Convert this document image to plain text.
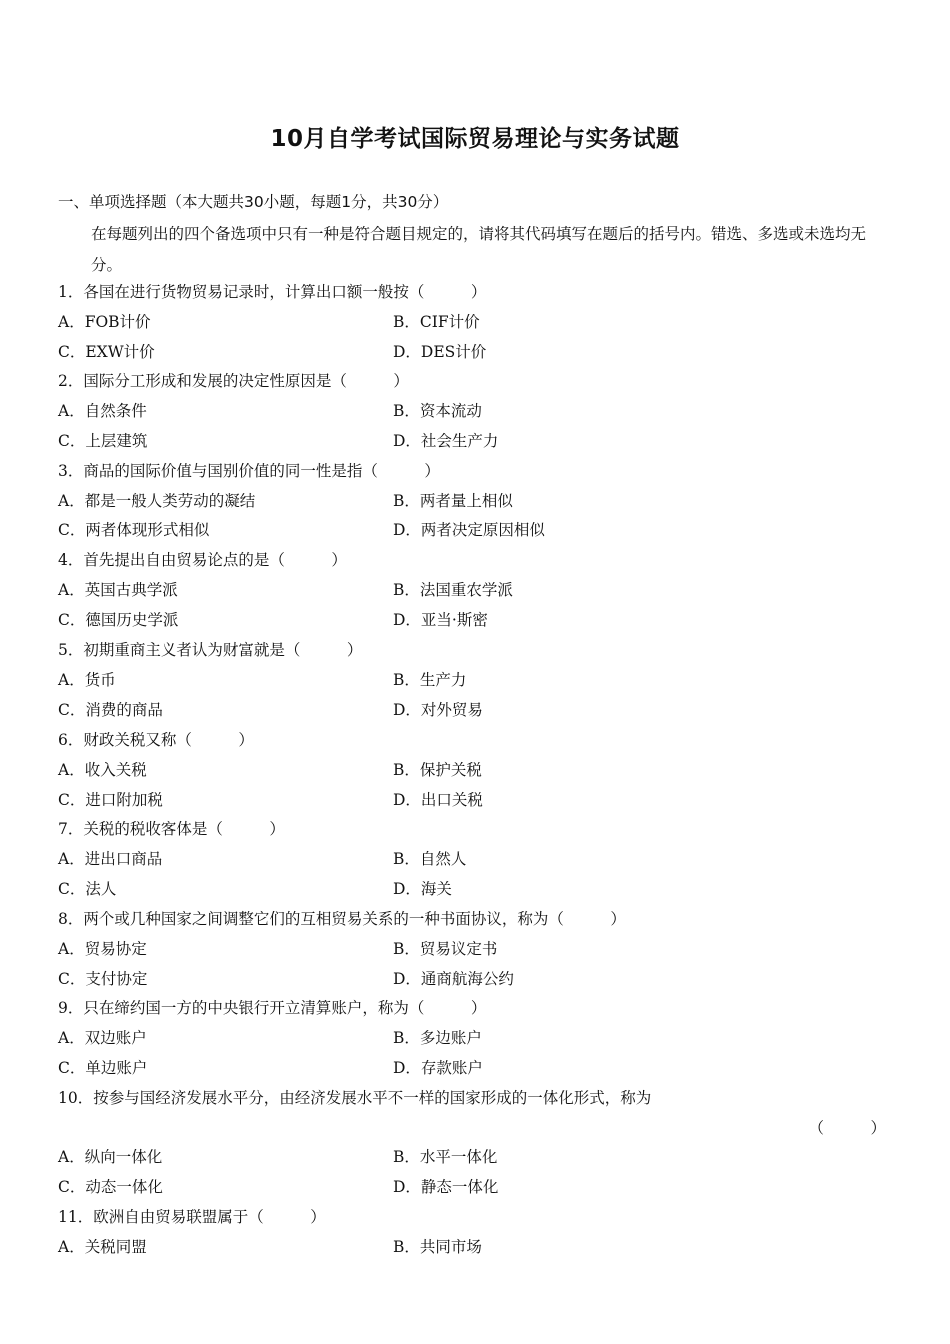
10月自学考试国际贸易理论与实务试题
一、单项选择题（本大题共30小题，每题1分，共30分）
在每题列出的四个备选项中只有一种是符合题目规定的，请将其代码填写在题后的括号内。错选、多选或未选均无分。
1．各国在进行货物贸易记录时，计算出口额一般按（　　　）
A．FOB计价	B．CIF计价
C．EXW计价	D．DES计价
2．国际分工形成和发展的决定性原因是（　　　）
A．自然条件	B．资本流动
C．上层建筑	D．社会生产力
3．商品的国际价值与国别价值的同一性是指（　　　）
A．都是一般人类劳动的凝结	B．两者量上相似
C．两者体现形式相似	D．两者决定原因相似
4．首先提出自由贸易论点的是（　　　）
A．英国古典学派	B．法国重农学派
C．德国历史学派	D．亚当·斯密
5．初期重商主义者认为财富就是（　　　）
A．货币	B．生产力
C．消费的商品	D．对外贸易
6．财政关税又称（　　　）
A．收入关税	B．保护关税
C．进口附加税	D．出口关税
7．关税的税收客体是（　　　）
A．进出口商品	B．自然人
C．法人	D．海关
8．两个或几种国家之间调整它们的互相贸易关系的一种书面协议，称为（　　　）
A．贸易协定	B．贸易议定书
C．支付协定	D．通商航海公约
9．只在缔约国一方的中央银行开立清算账户，称为（　　　）
A．双边账户	B．多边账户
C．单边账户	D．存款账户
10．按参与国经济发展水平分，由经济发展水平不一样的国家形成的一体化形式，称为
（　　　）
A．纵向一体化	B．水平一体化
C．动态一体化	D．静态一体化
11．欧洲自由贸易联盟属于（　　　）
A．关税同盟	B．共同市场
